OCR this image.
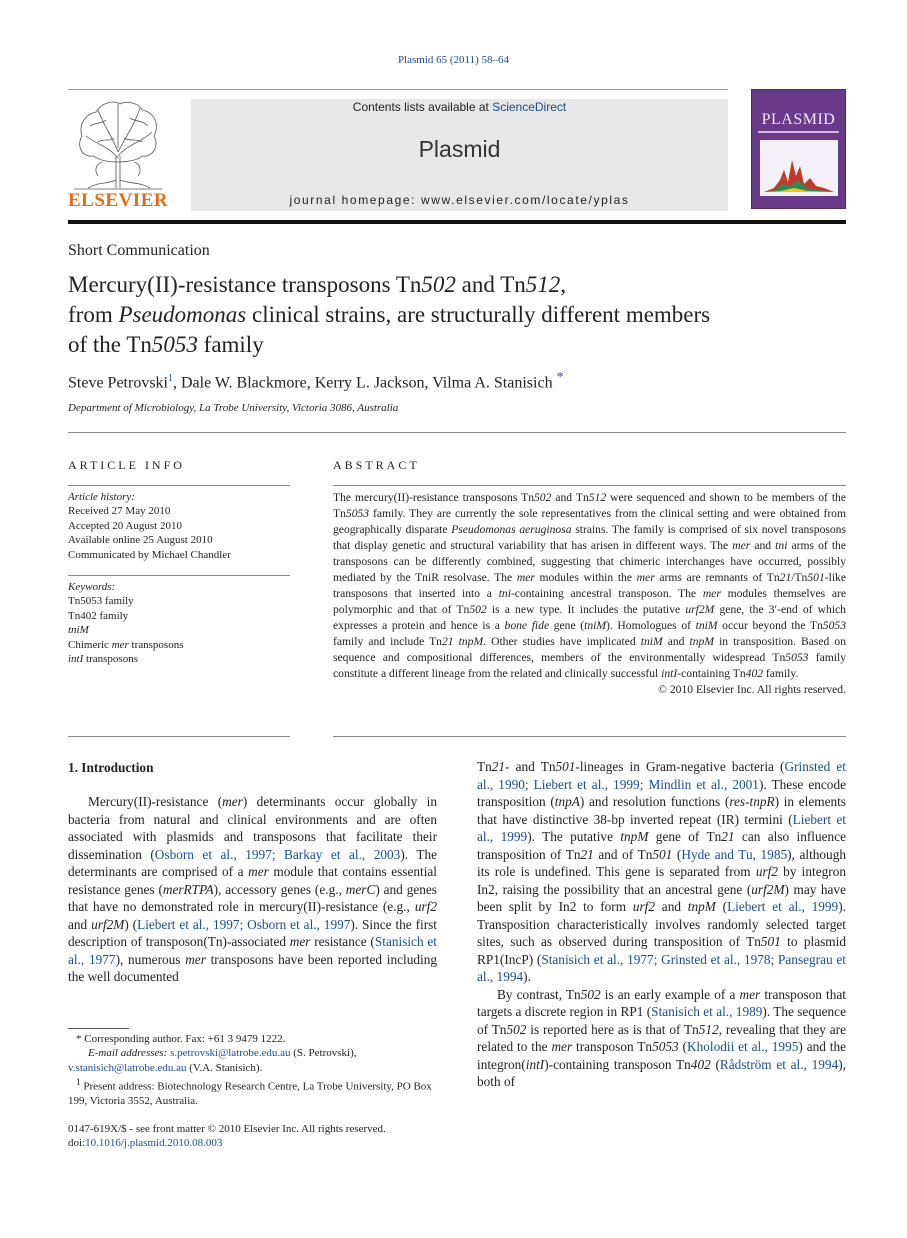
Plasmid 65 (2011) 58–64
Contents lists available at ScienceDirect
Plasmid
journal homepage: www.elsevier.com/locate/yplas
ELSEVIER
PLASMID
Short Communication
Mercury(II)-resistance transposons Tn502 and Tn512,
from Pseudomonas clinical strains, are structurally different members
of the Tn5053 family
Steve Petrovski$^1$, Dale W. Blackmore, Kerry L. Jackson, Vilma A. Stanisich *
Department of Microbiology, La Trobe University, Victoria 3086, Australia
ARTICLE INFO	ABSTRACT
Article history:
Received 27 May 2010
Accepted 20 August 2010
Available online 25 August 2010
Communicated by Michael Chandler
Keywords:
Tn5053 family
Tn402 family
tniM
Chimeric mer transposons
intI transposons
The mercury(II)-resistance transposons Tn502 and Tn512 were sequenced and shown to be members of the Tn5053 family. They are currently the sole representatives from the clinical setting and were obtained from geographically disparate Pseudomonas aeruginosa strains. The family is comprised of six novel transposons that display genetic and structural variability that has arisen in different ways. The mer and tni arms of the transposons can be differently combined, suggesting that chimeric interchanges have occurred, possibly mediated by the TniR resolvase. The mer modules within the mer arms are remnants of Tn21/Tn501-like transposons that inserted into a tni-containing ancestral transposon. The mer modules themselves are polymorphic and that of Tn502 is a new type. It includes the putative urf2M gene, the 3′-end of which expresses a protein and hence is a bone fide gene (tniM). Homologues of tniM occur beyond the Tn5053 family and include Tn21 tnpM. Other studies have implicated tniM and tnpM in transposition. Based on sequence and compositional differences, members of the environmentally widespread Tn5053 family constitute a different lineage from the related and clinically successful intI-containing Tn402 family.
© 2010 Elsevier Inc. All rights reserved.
1. Introduction
Mercury(II)-resistance (mer) determinants occur globally in bacteria from natural and clinical environments and are often associated with plasmids and transposons that facilitate their dissemination (Osborn et al., 1997; Barkay et al., 2003). The determinants are comprised of a mer module that contains essential resistance genes (merRTPA), accessory genes (e.g., merC) and genes that have no demonstrated role in mercury(II)-resistance (e.g., urf2 and urf2M) (Liebert et al., 1997; Osborn et al., 1997). Since the first description of transposon(Tn)-associated mer resistance (Stanisich et al., 1977), numerous mer transposons have been reported including the well documented

Tn21- and Tn501-lineages in Gram-negative bacteria (Grinsted et al., 1990; Liebert et al., 1999; Mindlin et al., 2001). These encode transposition (tnpA) and resolution functions (res-tnpR) in elements that have distinctive 38-bp inverted repeat (IR) termini (Liebert et al., 1999). The putative tnpM gene of Tn21 can also influence transposition of Tn21 and of Tn501 (Hyde and Tu, 1985), although its role is undefined. This gene is separated from urf2 by integron In2, raising the possibility that an ancestral gene (urf2M) may have been split by In2 to form urf2 and tnpM (Liebert et al., 1999). Transposition characteristically involves randomly selected target sites, such as observed during transposition of Tn501 to plasmid RP1(IncP) (Stanisich et al., 1977; Grinsted et al., 1978; Pansegrau et al., 1994).

By contrast, Tn502 is an early example of a mer transposon that targets a discrete region in RP1 (Stanisich et al., 1989). The sequence of Tn502 is reported here as is that of Tn512, revealing that they are related to the mer transposon Tn5053 (Kholodii et al., 1995) and the integron(intI)-containing transposon Tn402 (Rådström et al., 1994), both of

* Corresponding author. Fax: +61 3 9479 1222.
E-mail addresses: s.petrovski@latrobe.edu.au (S. Petrovski), v.stanisich@latrobe.edu.au (V.A. Stanisich).
$^1$ Present address: Biotechnology Research Centre, La Trobe University, PO Box 199, Victoria 3552, Australia.
0147-619X/$ - see front matter © 2010 Elsevier Inc. All rights reserved.
doi:10.1016/j.plasmid.2010.08.003
